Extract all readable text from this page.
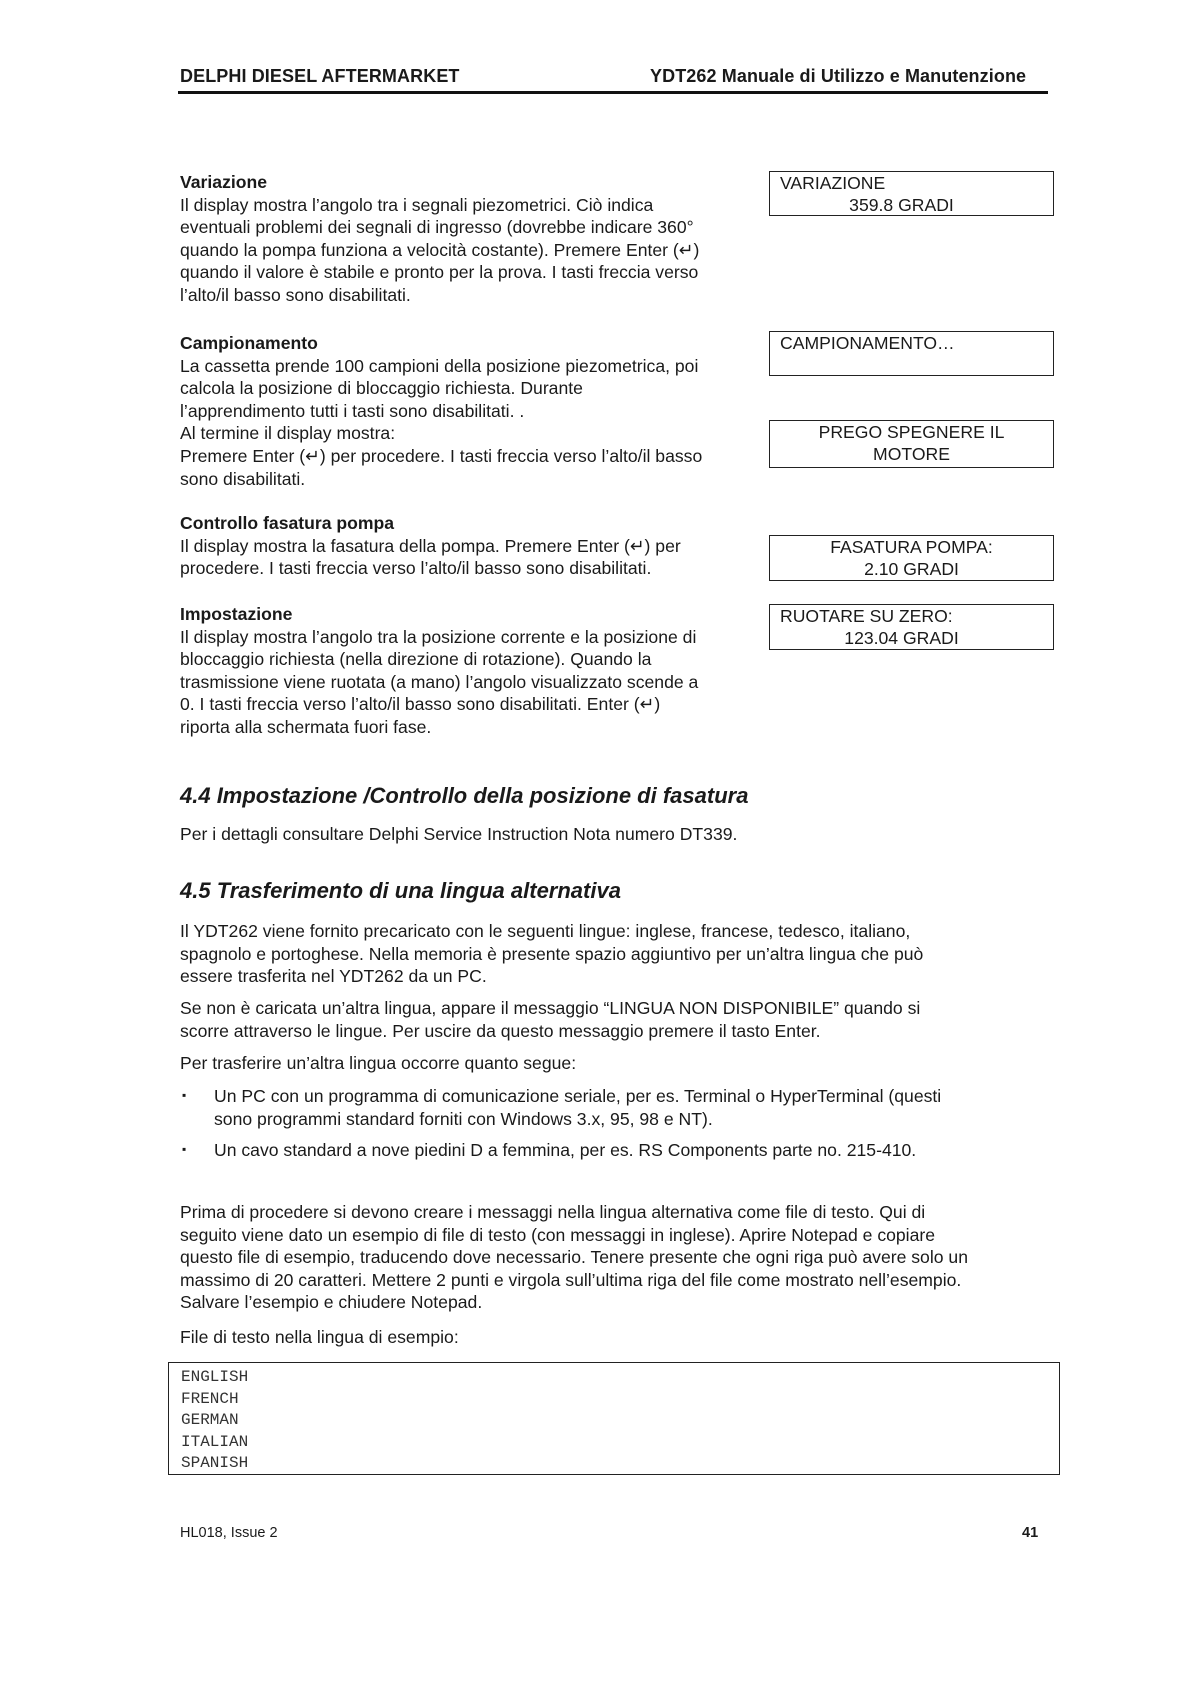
DELPHI DIESEL AFTERMARKET	YDT262 Manuale di Utilizzo e Manutenzione
Variazione
Il display mostra l’angolo tra i segnali piezometrici. Ciò indica
eventuali problemi dei segnali di ingresso (dovrebbe indicare 360°
quando la pompa funziona a velocità costante). Premere Enter (↵)
quando il valore è stabile e pronto per la prova. I tasti freccia verso
l’alto/il basso sono disabilitati.
VARIAZIONE
359.8 GRADI
Campionamento
La cassetta prende 100 campioni della posizione piezometrica, poi
calcola la posizione di bloccaggio richiesta. Durante
l’apprendimento tutti i tasti sono disabilitati. .
Al termine il display mostra:
Premere Enter (↵) per procedere. I tasti freccia verso l’alto/il basso
sono disabilitati.
CAMPIONAMENTO…
PREGO SPEGNERE IL
MOTORE
Controllo fasatura pompa
Il display mostra la fasatura della pompa. Premere Enter (↵) per
procedere. I tasti freccia verso l’alto/il basso sono disabilitati.
FASATURA POMPA:
2.10 GRADI
Impostazione
Il display mostra l’angolo tra la posizione corrente e la posizione di
bloccaggio richiesta (nella direzione di rotazione). Quando la
trasmissione viene ruotata (a mano) l’angolo visualizzato scende a
0. I tasti freccia verso l’alto/il basso sono disabilitati. Enter (↵)
riporta alla schermata fuori fase.
RUOTARE SU ZERO:
123.04 GRADI
4.4 Impostazione /Controllo della posizione di fasatura
Per i dettagli consultare Delphi Service Instruction Nota numero DT339.
4.5 Trasferimento di una lingua alternativa
Il YDT262 viene fornito precaricato con le seguenti lingue: inglese, francese, tedesco, italiano,
spagnolo e portoghese. Nella memoria è presente spazio aggiuntivo per un’altra lingua che può
essere trasferita nel YDT262 da un PC.
Se non è caricata un’altra lingua, appare il messaggio “LINGUA NON DISPONIBILE” quando si
scorre attraverso le lingue. Per uscire da questo messaggio premere il tasto Enter.
Per trasferire un’altra lingua occorre quanto segue:
▪ Un PC con un programma di comunicazione seriale, per es. Terminal o HyperTerminal (questi
sono programmi standard forniti con Windows 3.x, 95, 98 e NT).
▪ Un cavo standard a nove piedini D a femmina, per es. RS Components parte no. 215-410.
Prima di procedere si devono creare i messaggi nella lingua alternativa come file di testo. Qui di
seguito viene dato un esempio di file di testo (con messaggi in inglese). Aprire Notepad e copiare
questo file di esempio, traducendo dove necessario. Tenere presente che ogni riga può avere solo un
massimo di 20 caratteri. Mettere 2 punti e virgola sull’ultima riga del file come mostrato nell’esempio.
Salvare l’esempio e chiudere Notepad.
File di testo nella lingua di esempio:
ENGLISH
FRENCH
GERMAN
ITALIAN
SPANISH
HL018, Issue 2	41
